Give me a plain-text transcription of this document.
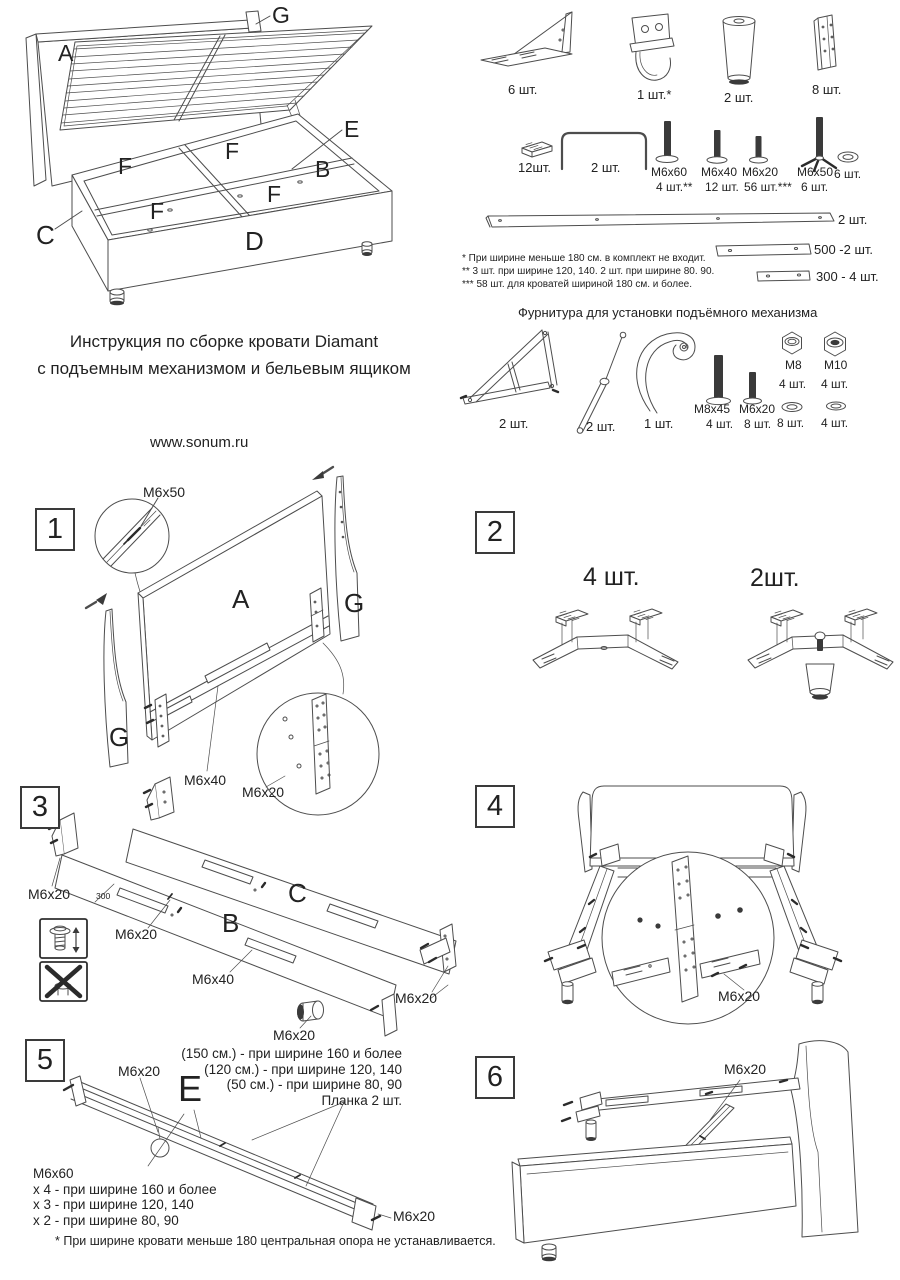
A
G
E
B
C	D
F
F
F
F
Инструкция по сборке кровати Diamant
с подъемным механизмом и бельевым ящиком
www.sonum.ru
6 шт.	1 шт.*	2 шт.
8 шт.
12шт.	2 шт.	M6x60
4 шт.**
M6x40
12 шт.
M6x20
56 шт.***
M6x50
6 шт.
6 шт.
2 шт.
500 -2 шт.
300 - 4 шт.
* При ширине меньше 180 см. в комплект не входит.
** 3 шт. при ширине 120, 140. 2 шт. при ширине 80. 90.
*** 58 шт. для кроватей шириной 180 см. и более.
Фурнитура для установки подъёмного механизма
2 шт.	2 шт. 1 шт.
M8x45
4 шт.
M6x20
8 шт.
M8
4 шт.
M10
4 шт.
8 шт. 4 шт.
1	2
3	4
5
6
M6x50
A	G
G
M6x40
M6x20
4 шт.	2шт.
M6x20	300
M6x20 B
C
M6x40
M6x20
M6x20	M6x20
M6x20 E
(150 см.) - при ширине 160 и более
(120 см.) - при ширине 120, 140
(50 см.) - при ширине 80, 90
Планка 2 шт.
M6x60
x 4 - при ширине 160 и более
x 3 - при ширине 120, 140
x 2 - при ширине 80, 90	M6x20
M6x20
* При ширине кровати меньше 180 центральная опора не устанавливается.
